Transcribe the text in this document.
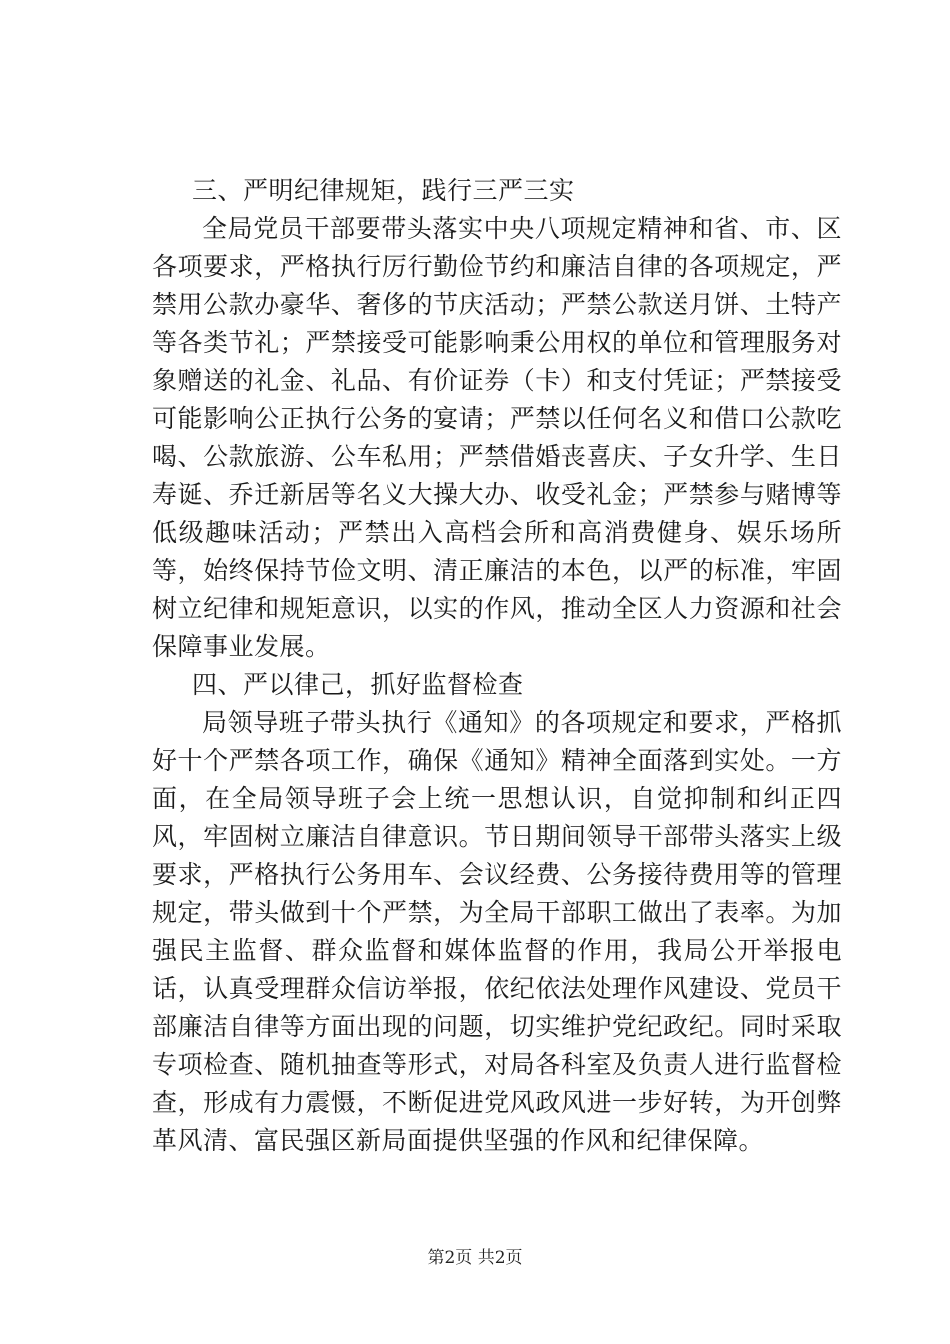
三、严明纪律规矩，践行三严三实

全局党员干部要带头落实中央八项规定精神和省、市、区各项要求，严格执行厉行勤俭节约和廉洁自律的各项规定，严禁用公款办豪华、奢侈的节庆活动；严禁公款送月饼、土特产等各类节礼；严禁接受可能影响秉公用权的单位和管理服务对象赠送的礼金、礼品、有价证券（卡）和支付凭证；严禁接受可能影响公正执行公务的宴请；严禁以任何名义和借口公款吃喝、公款旅游、公车私用；严禁借婚丧喜庆、子女升学、生日寿诞、乔迁新居等名义大操大办、收受礼金；严禁参与赌博等低级趣味活动；严禁出入高档会所和高消费健身、娱乐场所等，始终保持节俭文明、清正廉洁的本色，以严的标准，牢固树立纪律和规矩意识，以实的作风，推动全区人力资源和社会保障事业发展。

四、严以律己，抓好监督检查

局领导班子带头执行《通知》的各项规定和要求，严格抓好十个严禁各项工作，确保《通知》精神全面落到实处。一方面，在全局领导班子会上统一思想认识，自觉抑制和纠正四风，牢固树立廉洁自律意识。节日期间领导干部带头落实上级要求，严格执行公务用车、会议经费、公务接待费用等的管理规定，带头做到十个严禁，为全局干部职工做出了表率。为加强民主监督、群众监督和媒体监督的作用，我局公开举报电话，认真受理群众信访举报，依纪依法处理作风建设、党员干部廉洁自律等方面出现的问题，切实维护党纪政纪。同时采取专项检查、随机抽查等形式，对局各科室及负责人进行监督检查，形成有力震慑，不断促进党风政风进一步好转，为开创弊革风清、富民强区新局面提供坚强的作风和纪律保障。

第2页 共2页
